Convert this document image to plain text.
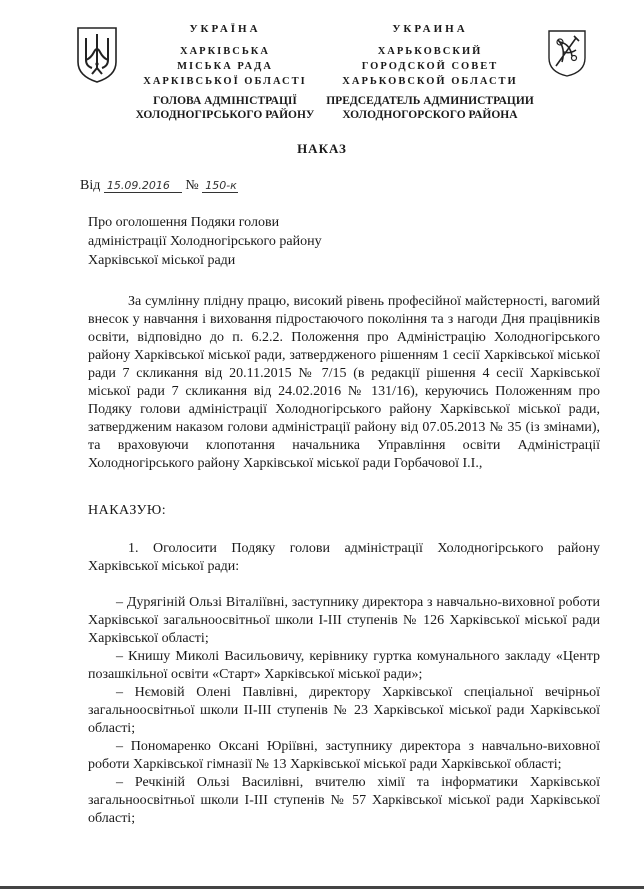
УКРАЇНА
ХАРКІВСЬКА
МІСЬКА РАДА
ХАРКІВСЬКОЇ ОБЛАСТІ
ГОЛОВА АДМІНІСТРАЦІЇ
ХОЛОДНОГІРСЬКОГО РАЙОНУ
УКРАИНА
ХАРЬКОВСКИЙ
ГОРОДСКОЙ СОВЕТ
ХАРЬКОВСКОЙ ОБЛАСТИ
ПРЕДСЕДАТЕЛЬ АДМИНИСТРАЦИИ
ХОЛОДНОГОРСКОГО РАЙОНА
НАКАЗ
Від 15.09.2016 № 150-к
Про оголошення Подяки голови
адміністрації Холодногірського району
Харківської міської ради

За сумлінну плідну працю, високий рівень професійної майстерності, вагомий внесок у навчання і виховання підростаючого покоління та з нагоди Дня працівників освіти, відповідно до п. 6.2.2. Положення про Адміністрацію Холодногірського району Харківської міської ради, затвердженого рішенням 1 сесії Харківської міської ради 7 скликання від 20.11.2015 № 7/15 (в редакції рішення 4 сесії Харківської міської ради 7 скликання від 24.02.2016 № 131/16), керуючись Положенням про Подяку голови адміністрації Холодногірського району Харківської міської ради, затвердженим наказом голови адміністрації району від 07.05.2013 № 35 (із змінами), та враховуючи клопотання начальника Управління освіти Адміністрації Холодногірського району Харківської міської ради Горбачової І.І.,

НАКАЗУЮ:

1. Оголосити Подяку голови адміністрації Холодногірського району Харківської міської ради:

– Дурягіній Ользі Віталіївні, заступнику директора з навчально-виховної роботи Харківської загальноосвітньої школи І-ІІІ ступенів № 126 Харківської міської ради Харківської області;

– Книшу Миколі Васильовичу, керівнику гуртка комунального закладу «Центр позашкільної освіти «Старт» Харківської міської ради»;

– Нємовій Олені Павлівні, директору Харківської спеціальної вечірньої загальноосвітньої школи ІІ-ІІІ ступенів № 23 Харківської міської ради Харківської області;

– Пономаренко Оксані Юріївні, заступнику директора з навчально-виховної роботи Харківської гімназії № 13 Харківської міської ради Харківської області;

– Речкіній Ользі Василівні, вчителю хімії та інформатики Харківської загальноосвітньої школи І-ІІІ ступенів № 57 Харківської міської ради Харківської області;
